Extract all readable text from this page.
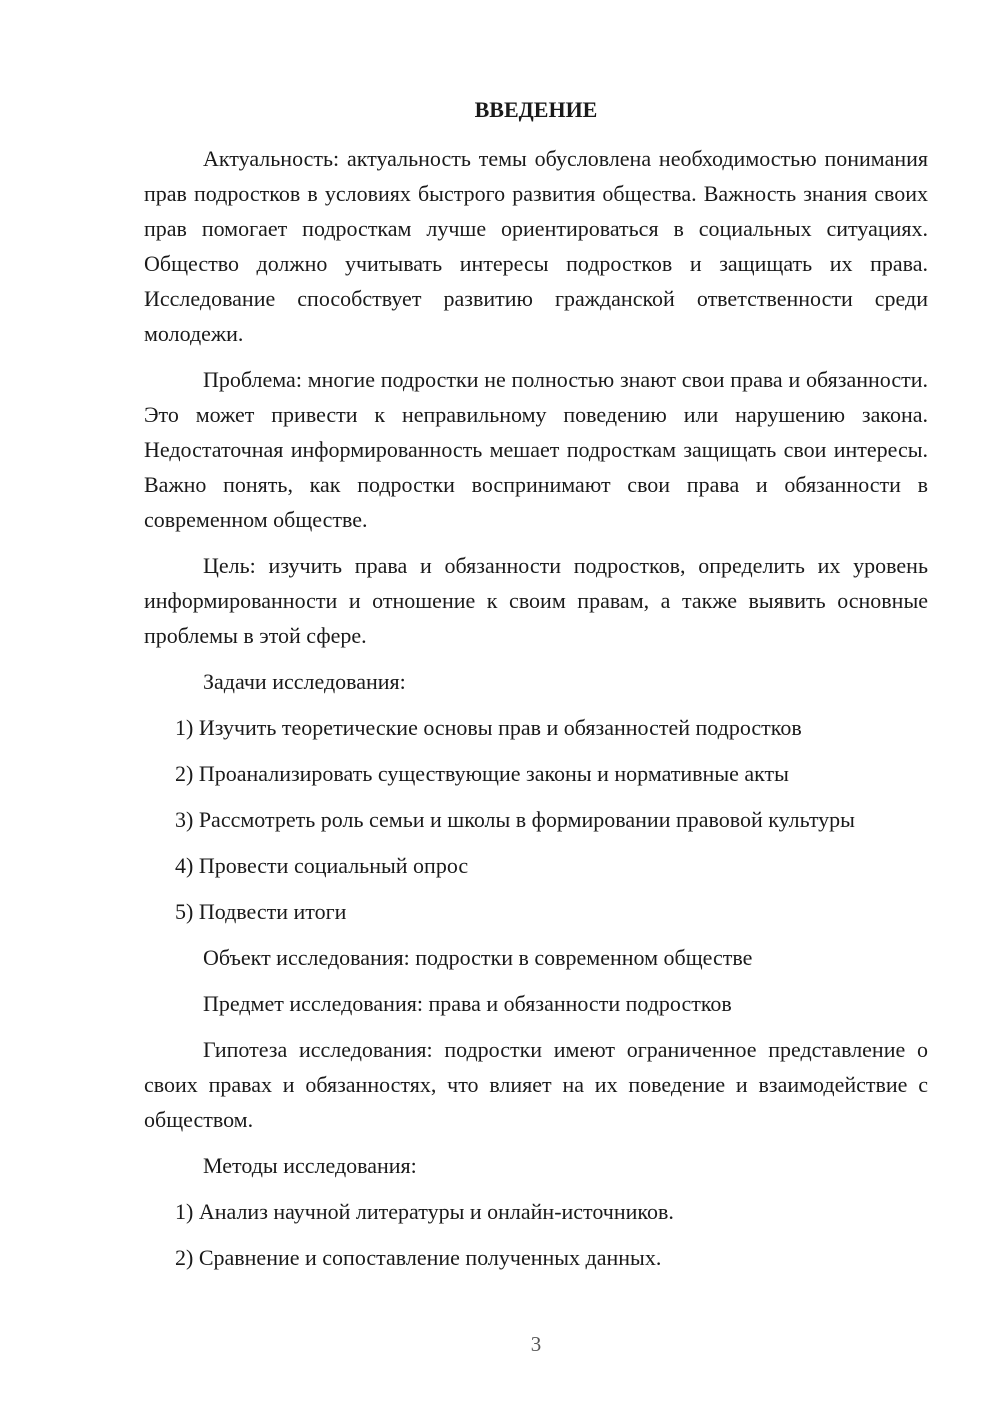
ВВЕДЕНИЕ
Актуальность: актуальность темы обусловлена необходимостью понимания прав подростков в условиях быстрого развития общества. Важность знания своих прав помогает подросткам лучше ориентироваться в социальных ситуациях. Общество должно учитывать интересы подростков и защищать их права. Исследование способствует развитию гражданской ответственности среди молодежи.
Проблема: многие подростки не полностью знают свои права и обязанности. Это может привести к неправильному поведению или нарушению закона. Недостаточная информированность мешает подросткам защищать свои интересы. Важно понять, как подростки воспринимают свои права и обязанности в современном обществе.
Цель: изучить права и обязанности подростков, определить их уровень информированности и отношение к своим правам, а также выявить основные проблемы в этой сфере.
Задачи исследования:
1) Изучить теоретические основы прав и обязанностей подростков
2) Проанализировать существующие законы и нормативные акты
3) Рассмотреть роль семьи и школы в формировании правовой культуры
4) Провести социальный опрос
5) Подвести итоги
Объект исследования: подростки в современном обществе
Предмет исследования: права и обязанности подростков
Гипотеза исследования: подростки имеют ограниченное представление о своих правах и обязанностях, что влияет на их поведение и взаимодействие с обществом.
Методы исследования:
1) Анализ научной литературы и онлайн-источников.
2) Сравнение и сопоставление полученных данных.
3
